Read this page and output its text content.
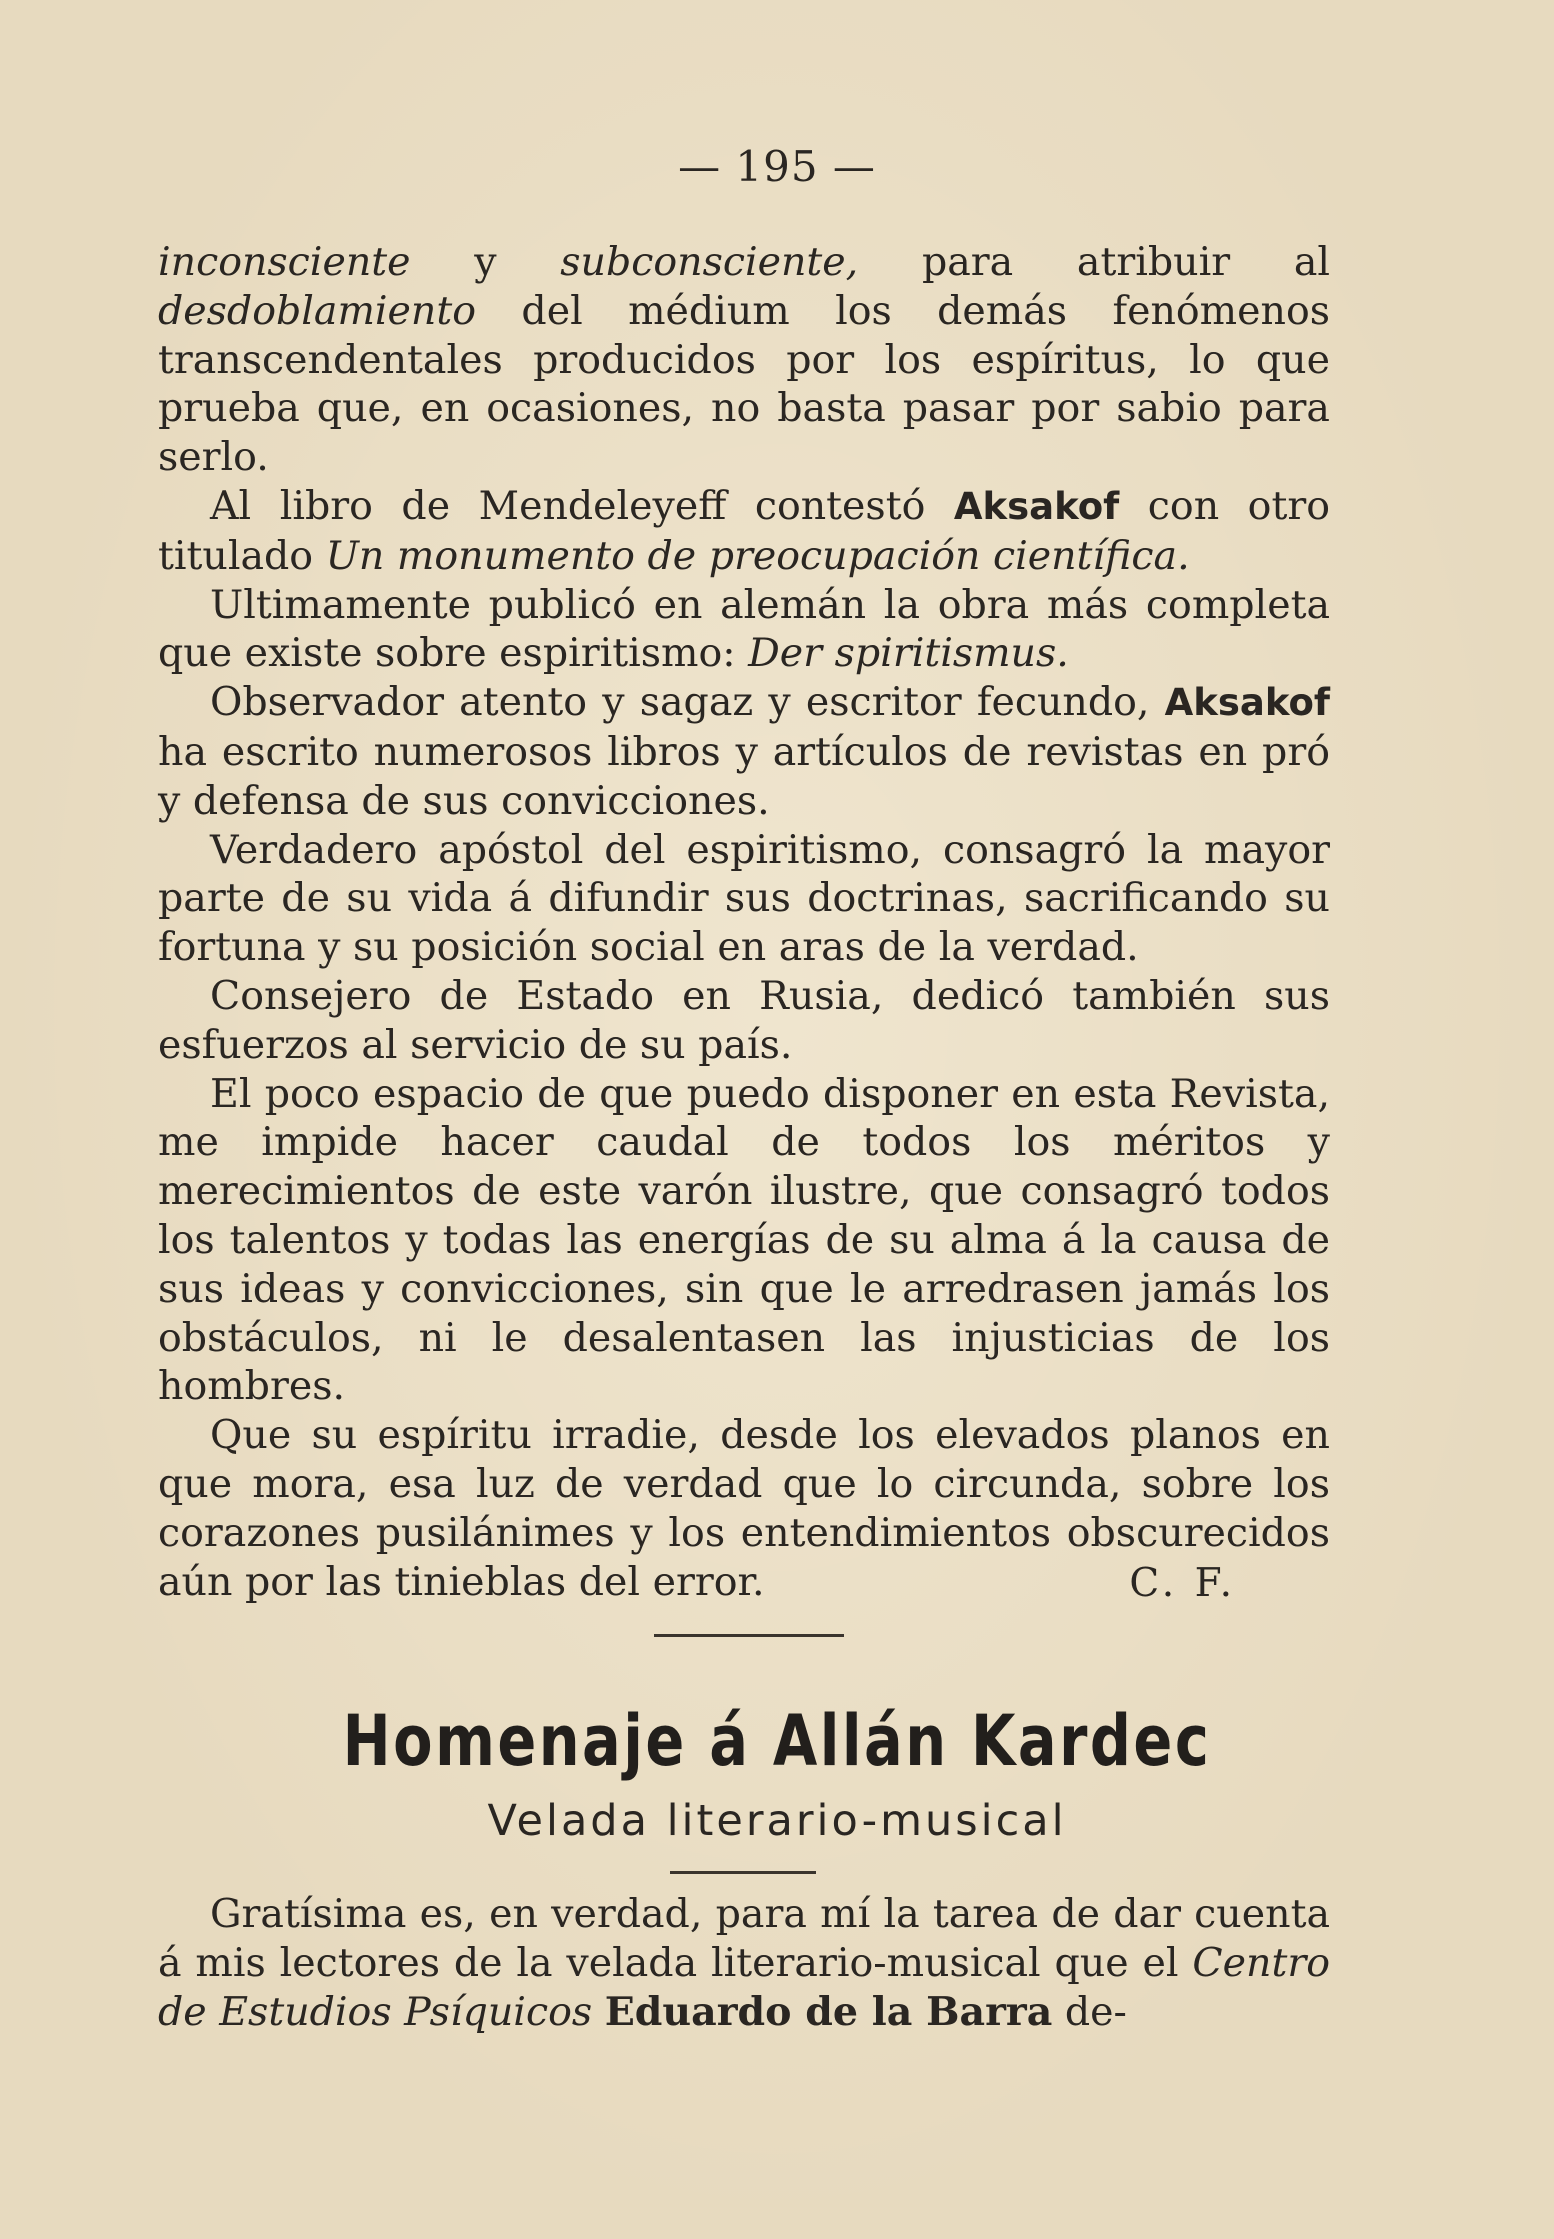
— 195 —

inconsciente y subconsciente, para atribuir al desdoblamiento del médium los demás fenómenos transcendentales producidos por los espíritus, lo que prueba que, en ocasiones, no basta pasar por sabio para serlo.

Al libro de Mendeleyeff contestó Aksakof con otro titulado Un monumento de preocupación científica.

Ultimamente publicó en alemán la obra más completa que existe sobre espiritismo: Der spiritismus.

Observador atento y sagaz y escritor fecundo, Aksakof ha escrito numerosos libros y artículos de revistas en pró y defensa de sus convicciones.

Verdadero apóstol del espiritismo, consagró la mayor parte de su vida á difundir sus doctrinas, sacrificando su fortuna y su posición social en aras de la verdad.

Consejero de Estado en Rusia, dedicó también sus esfuerzos al servicio de su país.

El poco espacio de que puedo disponer en esta Revista, me impide hacer caudal de todos los méritos y merecimientos de este varón ilustre, que consagró todos los talentos y todas las energías de su alma á la causa de sus ideas y convicciones, sin que le arredrasen jamás los obstáculos, ni le desalentasen las injusticias de los hombres.

Que su espíritu irradie, desde los elevados planos en que mora, esa luz de verdad que lo circunda, sobre los corazones pusilánimes y los entendimientos obscurecidos aún por las tinieblas del error.	C. F.
Homenaje á Allán Kardec
Velada literario-musical

Gratísima es, en verdad, para mí la tarea de dar cuenta á mis lectores de la velada literario-musical que el Centro de Estudios Psíquicos Eduardo de la Barra de-
